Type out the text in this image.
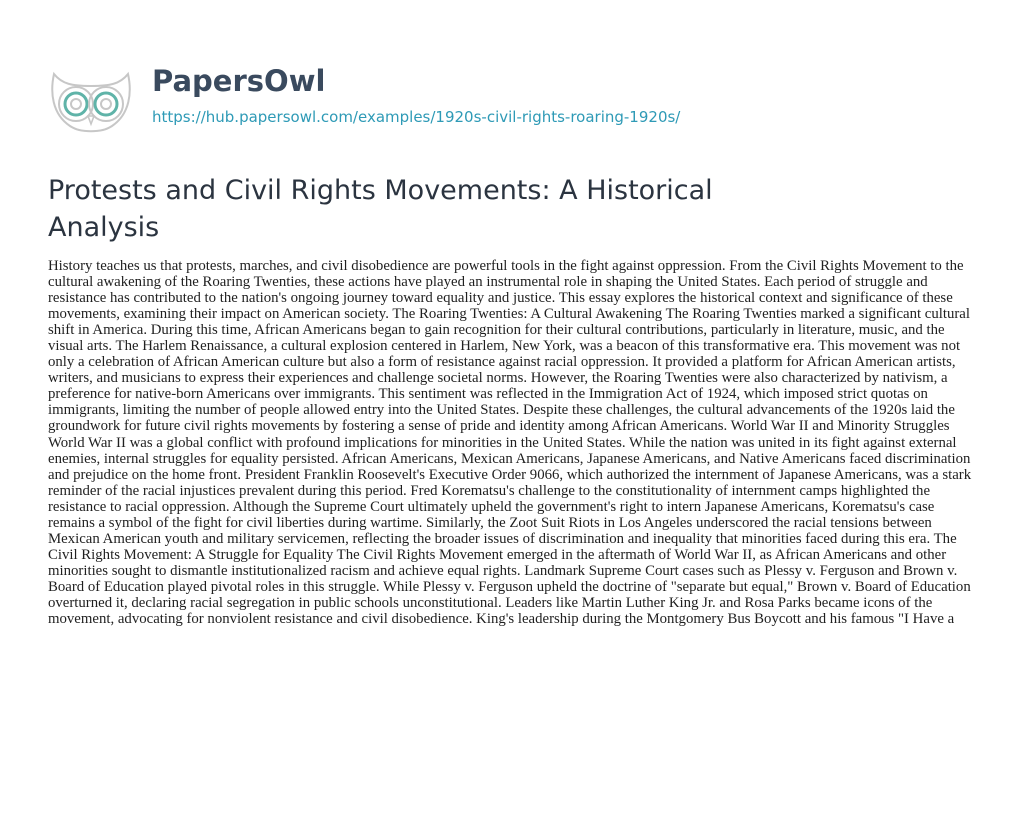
PapersOwl
https://hub.papersowl.com/examples/1920s-civil-rights-roaring-1920s/
Protests and Civil Rights Movements: A Historical Analysis

History teaches us that protests, marches, and civil disobedience are powerful tools in the fight against oppression. From the Civil Rights Movement to the cultural awakening of the Roaring Twenties, these actions have played an instrumental role in shaping the United States. Each period of struggle and resistance has contributed to the nation's ongoing journey toward equality and justice. This essay explores the historical context and significance of these movements, examining their impact on American society. The Roaring Twenties: A Cultural Awakening The Roaring Twenties marked a significant cultural shift in America. During this time, African Americans began to gain recognition for their cultural contributions, particularly in literature, music, and the visual arts. The Harlem Renaissance, a cultural explosion centered in Harlem, New York, was a beacon of this transformative era. This movement was not only a celebration of African American culture but also a form of resistance against racial oppression. It provided a platform for African American artists, writers, and musicians to express their experiences and challenge societal norms. However, the Roaring Twenties were also characterized by nativism, a preference for native-born Americans over immigrants. This sentiment was reflected in the Immigration Act of 1924, which imposed strict quotas on immigrants, limiting the number of people allowed entry into the United States. Despite these challenges, the cultural advancements of the 1920s laid the groundwork for future civil rights movements by fostering a sense of pride and identity among African Americans. World War II and Minority Struggles World War II was a global conflict with profound implications for minorities in the United States. While the nation was united in its fight against external enemies, internal struggles for equality persisted. African Americans, Mexican Americans, Japanese Americans, and Native Americans faced discrimination and prejudice on the home front. President Franklin Roosevelt's Executive Order 9066, which authorized the internment of Japanese Americans, was a stark reminder of the racial injustices prevalent during this period. Fred Korematsu's challenge to the constitutionality of internment camps highlighted the resistance to racial oppression. Although the Supreme Court ultimately upheld the government's right to intern Japanese Americans, Korematsu's case remains a symbol of the fight for civil liberties during wartime. Similarly, the Zoot Suit Riots in Los Angeles underscored the racial tensions between Mexican American youth and military servicemen, reflecting the broader issues of discrimination and inequality that minorities faced during this era. The Civil Rights Movement: A Struggle for Equality The Civil Rights Movement emerged in the aftermath of World War II, as African Americans and other minorities sought to dismantle institutionalized racism and achieve equal rights. Landmark Supreme Court cases such as Plessy v. Ferguson and Brown v. Board of Education played pivotal roles in this struggle. While Plessy v. Ferguson upheld the doctrine of "separate but equal," Brown v. Board of Education overturned it, declaring racial segregation in public schools unconstitutional. Leaders like Martin Luther King Jr. and Rosa Parks became icons of the movement, advocating for nonviolent resistance and civil disobedience. King's leadership during the Montgomery Bus Boycott and his famous "I Have a
